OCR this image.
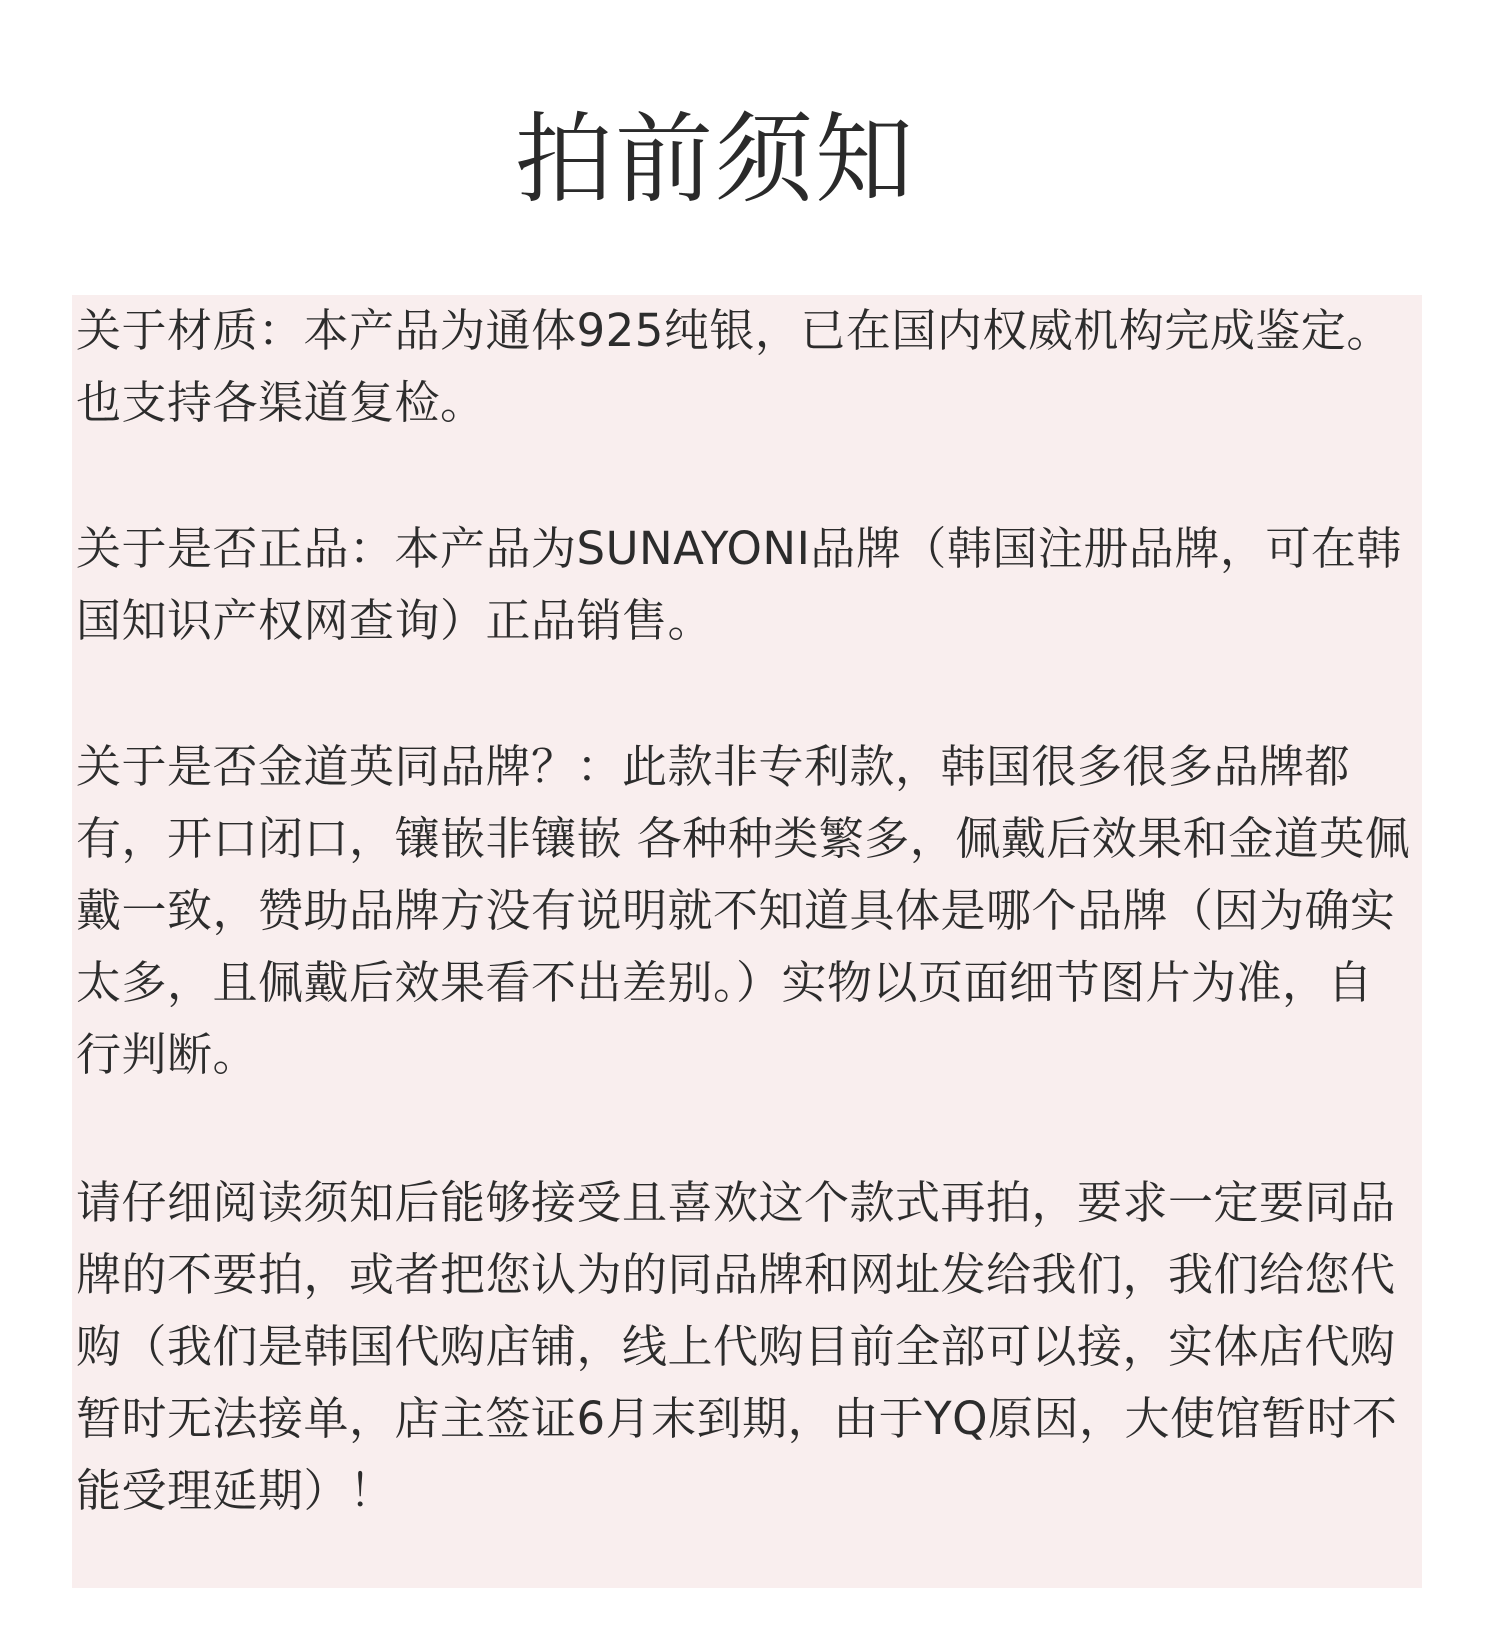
拍前须知

关于材质：本产品为通体925纯银，已在国内权威机构完成鉴定。也支持各渠道复检。

关于是否正品：本产品为SUNAYONI品牌（韩国注册品牌，可在韩国知识产权网查询）正品销售。

关于是否金道英同品牌？：此款非专利款，韩国很多很多品牌都有，开口闭口，镶嵌非镶嵌 各种种类繁多，佩戴后效果和金道英佩戴一致，赞助品牌方没有说明就不知道具体是哪个品牌（因为确实太多，且佩戴后效果看不出差别。）实物以页面细节图片为准，自行判断。

请仔细阅读须知后能够接受且喜欢这个款式再拍，要求一定要同品牌的不要拍，或者把您认为的同品牌和网址发给我们，我们给您代购（我们是韩国代购店铺，线上代购目前全部可以接，实体店代购暂时无法接单，店主签证6月末到期，由于YQ原因，大使馆暂时不能受理延期）！
